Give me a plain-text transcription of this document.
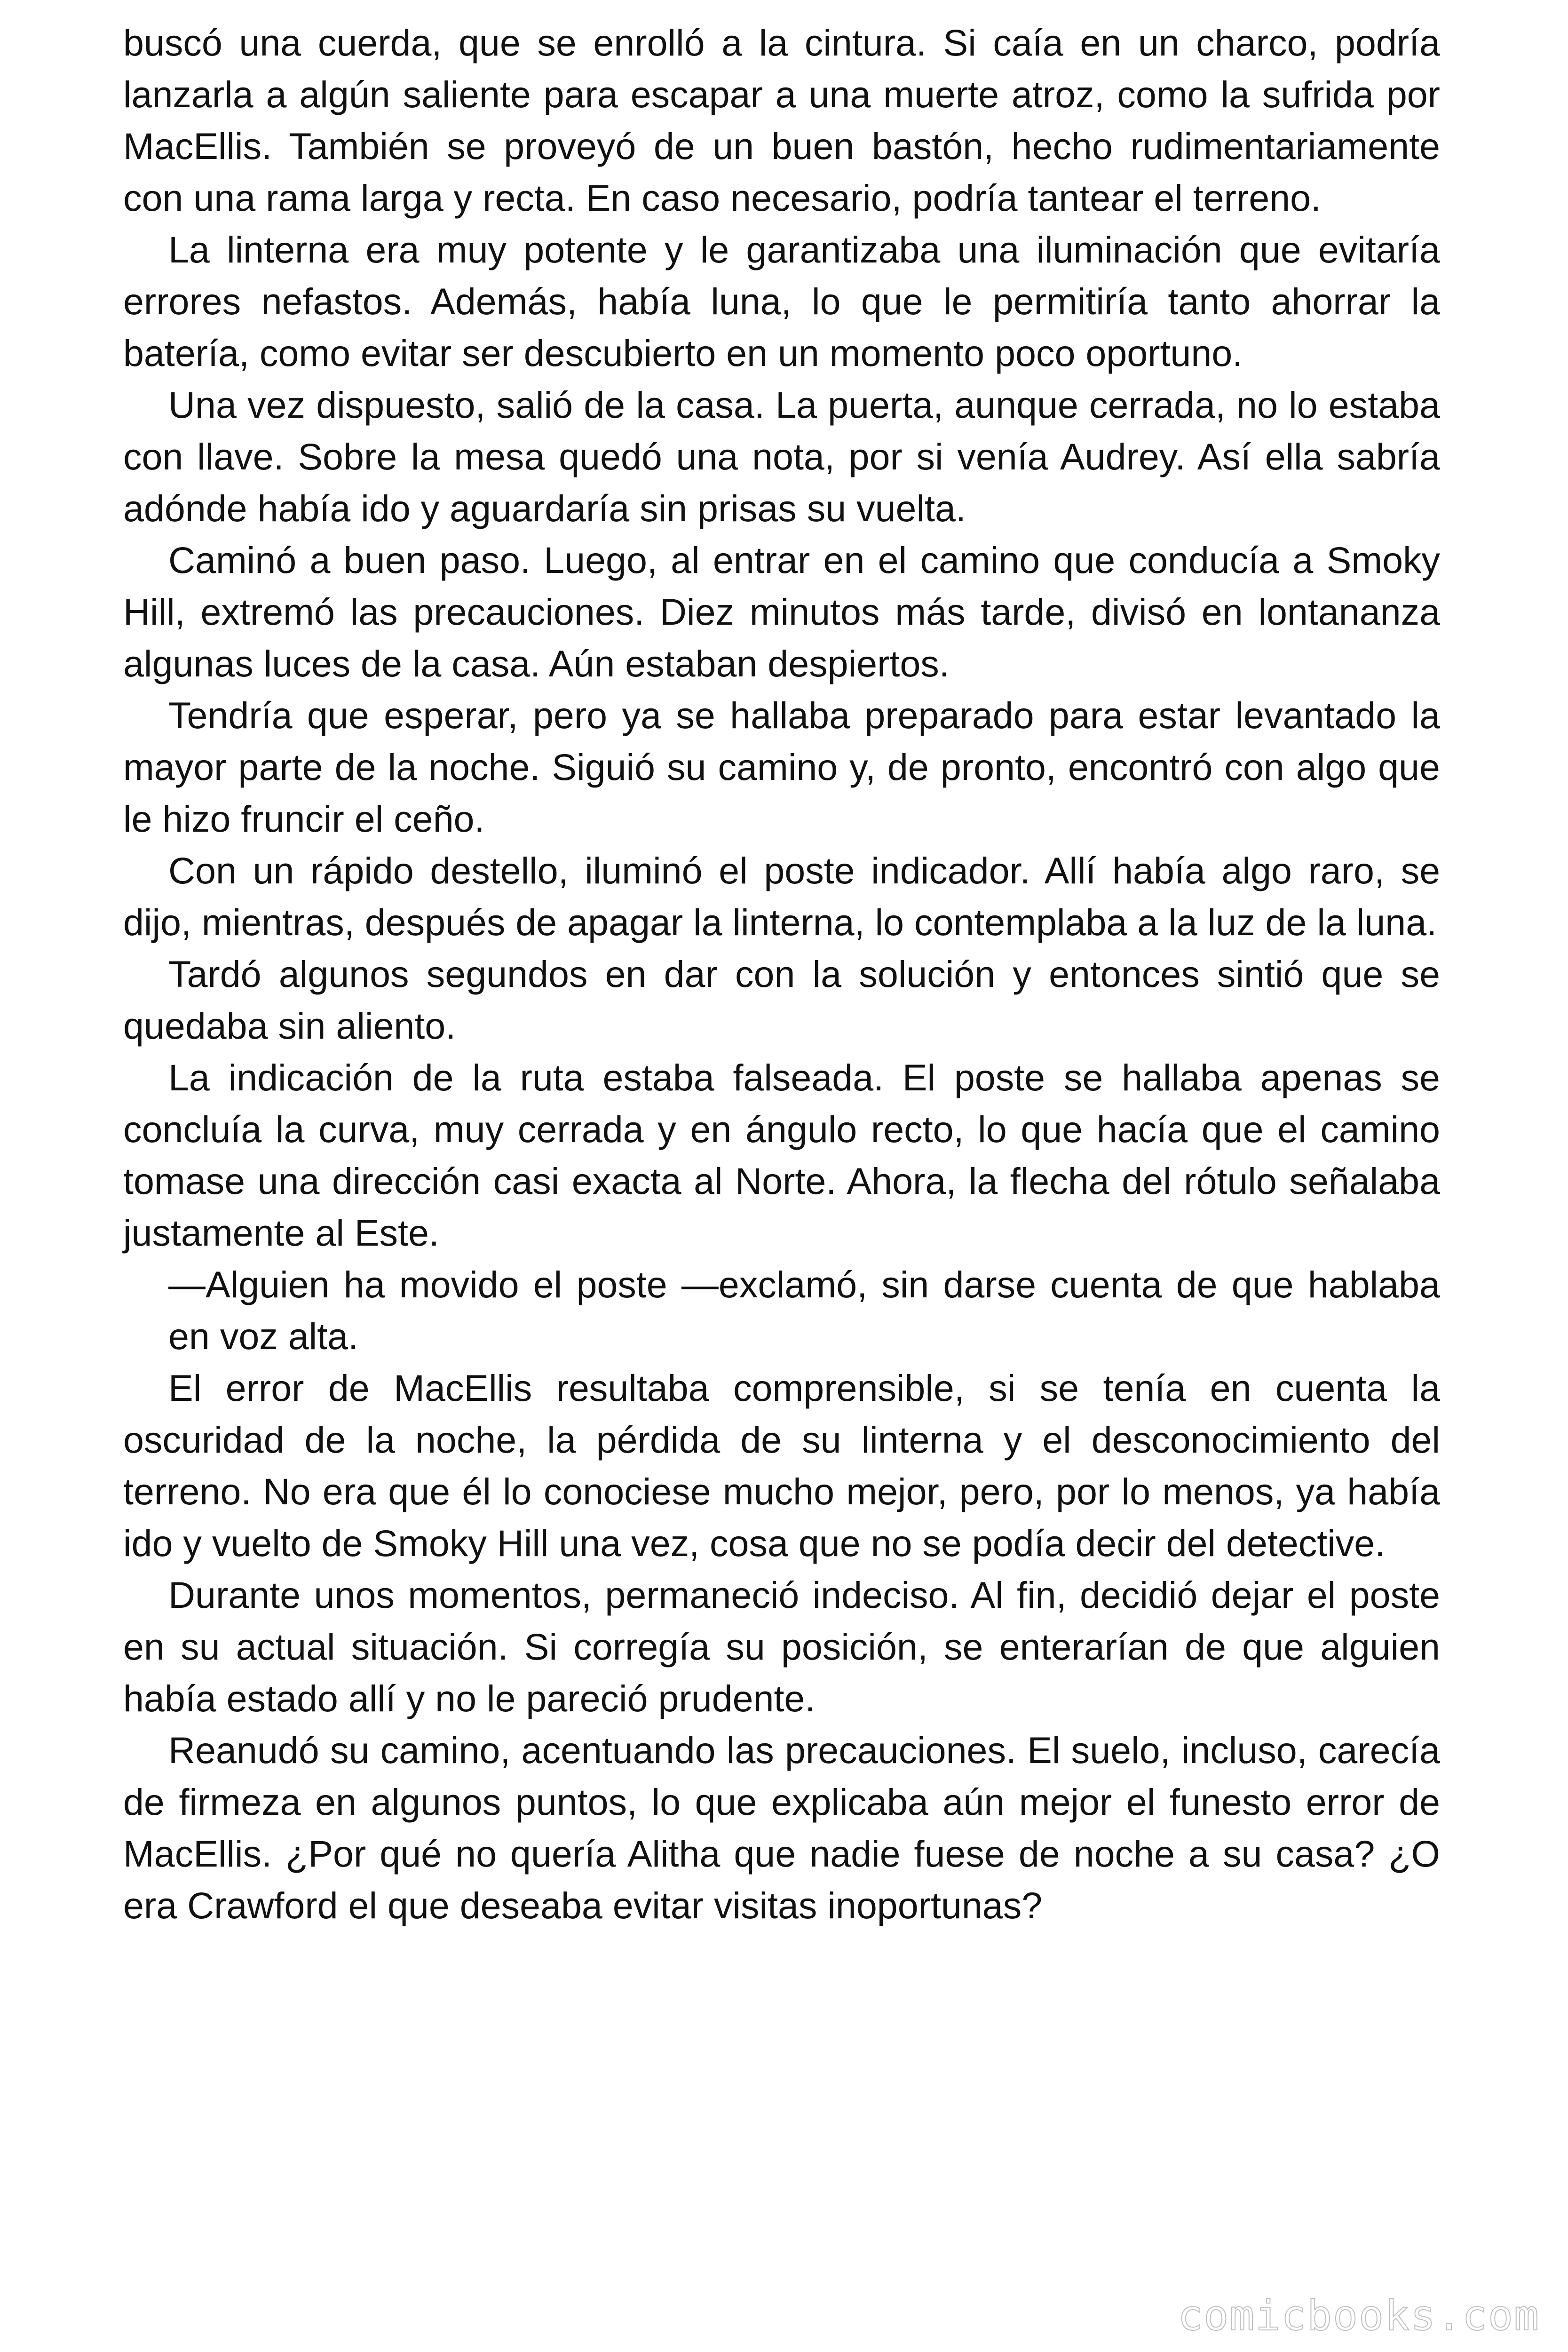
buscó una cuerda, que se enrolló a la cintura. Si caía en un charco, podría lanzarla a algún saliente para escapar a una muerte atroz, como la sufrida por MacEllis. También se proveyó de un buen bastón, hecho rudimentariamente con una rama larga y recta. En caso necesario, podría tantear el terreno.

La linterna era muy potente y le garantizaba una iluminación que evitaría errores nefastos. Además, había luna, lo que le permitiría tanto ahorrar la batería, como evitar ser descubierto en un momento poco oportuno.

Una vez dispuesto, salió de la casa. La puerta, aunque cerrada, no lo estaba con llave. Sobre la mesa quedó una nota, por si venía Audrey. Así ella sabría adónde había ido y aguardaría sin prisas su vuelta.

Caminó a buen paso. Luego, al entrar en el camino que conducía a Smoky Hill, extremó las precauciones. Diez minutos más tarde, divisó en lontananza algunas luces de la casa. Aún estaban despiertos.

Tendría que esperar, pero ya se hallaba preparado para estar levantado la mayor parte de la noche. Siguió su camino y, de pronto, encontró con algo que le hizo fruncir el ceño.

Con un rápido destello, iluminó el poste indicador. Allí había algo raro, se dijo, mientras, después de apagar la linterna, lo contemplaba a la luz de la luna.

Tardó algunos segundos en dar con la solución y entonces sintió que se quedaba sin aliento.

La indicación de la ruta estaba falseada. El poste se hallaba apenas se concluía la curva, muy cerrada y en ángulo recto, lo que hacía que el camino tomase una dirección casi exacta al Norte. Ahora, la flecha del rótulo señalaba justamente al Este.

—Alguien ha movido el poste —exclamó, sin darse cuenta de que hablaba en voz alta.

El error de MacEllis resultaba comprensible, si se tenía en cuenta la oscuridad de la noche, la pérdida de su linterna y el desconocimiento del terreno. No era que él lo conociese mucho mejor, pero, por lo menos, ya había ido y vuelto de Smoky Hill una vez, cosa que no se podía decir del detective.

Durante unos momentos, permaneció indeciso. Al fin, decidió dejar el poste en su actual situación. Si corregía su posición, se enterarían de que alguien había estado allí y no le pareció prudente.

Reanudó su camino, acentuando las precauciones. El suelo, incluso, carecía de firmeza en algunos puntos, lo que explicaba aún mejor el funesto error de MacEllis. ¿Por qué no quería Alitha que nadie fuese de noche a su casa? ¿O era Crawford el que deseaba evitar visitas inoportunas?

comicbooks.com
